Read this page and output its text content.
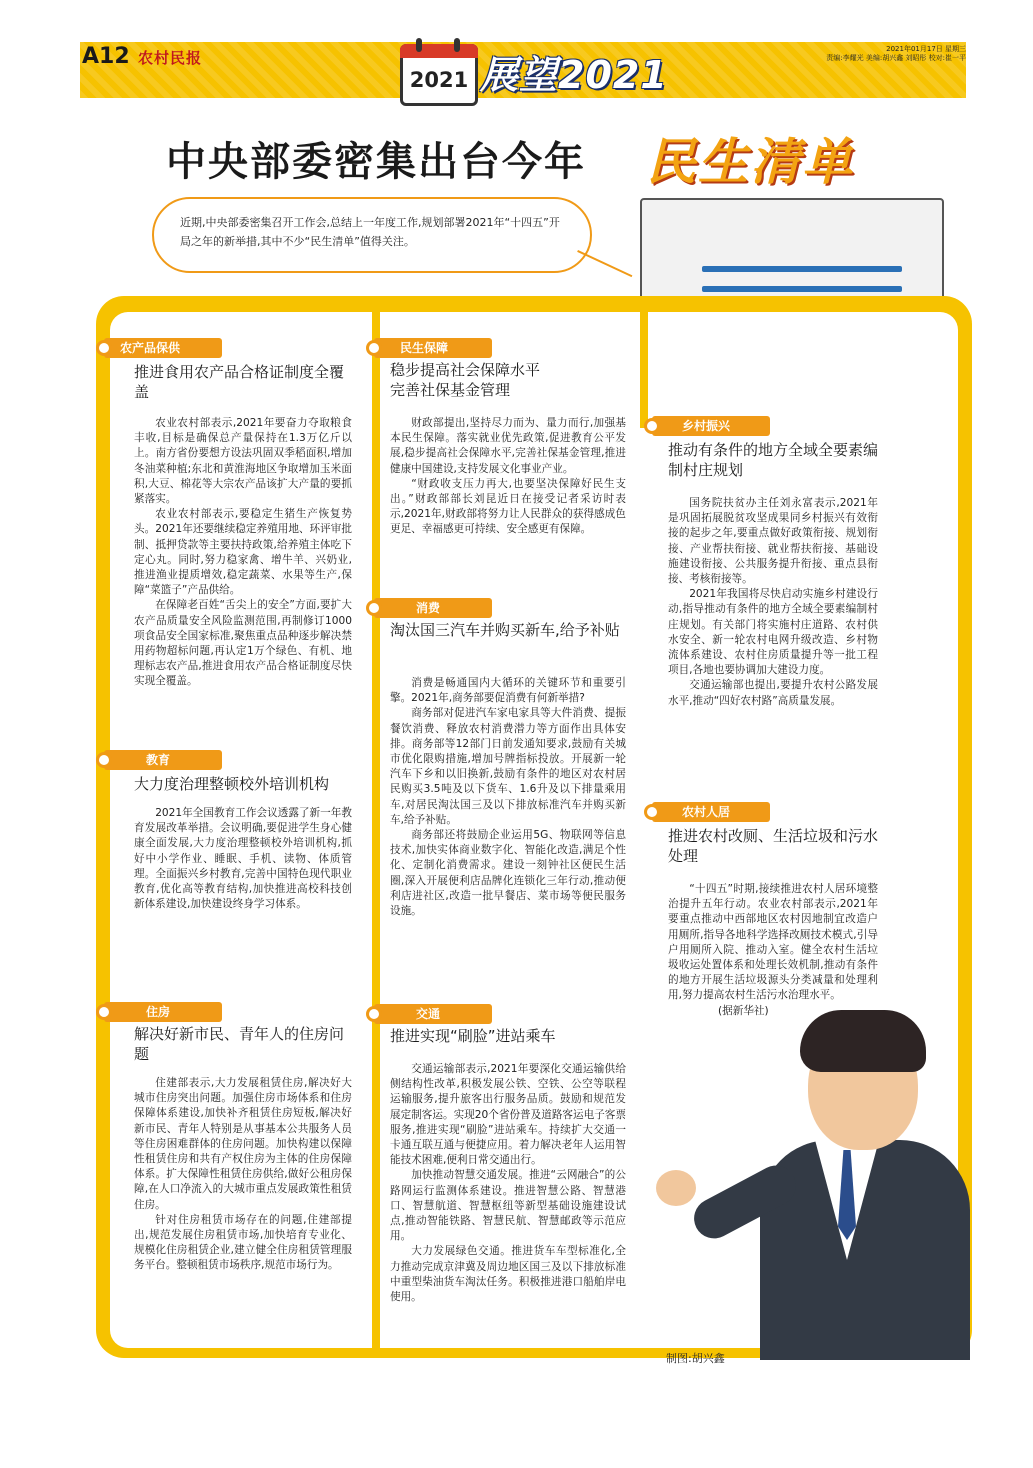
A12 农村民报	2021年01月17日 星期三
责编:李耀光 美编:胡兴鑫 刘昭彤 校对:崔一平
2021 展望2021
中央部委密集出台今年 民生清单
近期,中央部委密集召开工作会,总结上一年度工作,规划部署2021年“十四五”开局之年的新举措,其中不少“民生清单”值得关注。
农产品保供
推进食用农产品合格证制度全覆盖

农业农村部表示,2021年要奋力夺取粮食丰收,目标是确保总产量保持在1.3万亿斤以上。南方省份要想方设法巩固双季稻面积,增加冬油菜种植;东北和黄淮海地区争取增加玉米面积,大豆、棉花等大宗农产品该扩大产量的要抓紧落实。

农业农村部表示,要稳定生猪生产恢复势头。2021年还要继续稳定养殖用地、环评审批制、抵押贷款等主要扶持政策,给养殖主体吃下定心丸。同时,努力稳家禽、增牛羊、兴奶业,推进渔业提质增效,稳定蔬菜、水果等生产,保障“菜篮子”产品供给。

在保障老百姓“舌尖上的安全”方面,要扩大农产品质量安全风险监测范围,再制修订1000项食品安全国家标准,聚焦重点品种逐步解决禁用药物超标问题,再认定1万个绿色、有机、地理标志农产品,推进食用农产品合格证制度尽快实现全覆盖。

教育
大力度治理整顿校外培训机构

2021年全国教育工作会议透露了新一年教育发展改革举措。会议明确,要促进学生身心健康全面发展,大力度治理整顿校外培训机构,抓好中小学作业、睡眠、手机、读物、体质管理。全面振兴乡村教育,完善中国特色现代职业教育,优化高等教育结构,加快推进高校科技创新体系建设,加快建设终身学习体系。

住房
解决好新市民、青年人的住房问题

住建部表示,大力发展租赁住房,解决好大城市住房突出问题。加强住房市场体系和住房保障体系建设,加快补齐租赁住房短板,解决好新市民、青年人特别是从事基本公共服务人员等住房困难群体的住房问题。加快构建以保障性租赁住房和共有产权住房为主体的住房保障体系。扩大保障性租赁住房供给,做好公租房保障,在人口净流入的大城市重点发展政策性租赁住房。

针对住房租赁市场存在的问题,住建部提出,规范发展住房租赁市场,加快培育专业化、规模化住房租赁企业,建立健全住房租赁管理服务平台。整顿租赁市场秩序,规范市场行为。

民生保障
稳步提高社会保障水平
完善社保基金管理

财政部提出,坚持尽力而为、量力而行,加强基本民生保障。落实就业优先政策,促进教育公平发展,稳步提高社会保障水平,完善社保基金管理,推进健康中国建设,支持发展文化事业产业。

“财政收支压力再大,也要坚决保障好民生支出。”财政部部长刘昆近日在接受记者采访时表示,2021年,财政部将努力让人民群众的获得感成色更足、幸福感更可持续、安全感更有保障。

消费
淘汰国三汽车并购买新车,给予补贴

消费是畅通国内大循环的关键环节和重要引擎。2021年,商务部要促消费有何新举措?

商务部对促进汽车家电家具等大件消费、提振餐饮消费、释放农村消费潜力等方面作出具体安排。商务部等12部门日前发通知要求,鼓励有关城市优化限购措施,增加号牌指标投放。开展新一轮汽车下乡和以旧换新,鼓励有条件的地区对农村居民购买3.5吨及以下货车、1.6升及以下排量乘用车,对居民淘汰国三及以下排放标准汽车并购买新车,给予补贴。

商务部还将鼓励企业运用5G、物联网等信息技术,加快实体商业数字化、智能化改造,满足个性化、定制化消费需求。建设一刻钟社区便民生活圈,深入开展便利店品牌化连锁化三年行动,推动便利店进社区,改造一批早餐店、菜市场等便民服务设施。

交通
推进实现“刷脸”进站乘车

交通运输部表示,2021年要深化交通运输供给侧结构性改革,积极发展公铁、空铁、公空等联程运输服务,提升旅客出行服务品质。鼓励和规范发展定制客运。实现20个省份普及道路客运电子客票服务,推进实现“刷脸”进站乘车。持续扩大交通一卡通互联互通与便捷应用。着力解决老年人运用智能技术困难,便利日常交通出行。

加快推动智慧交通发展。推进“云网融合”的公路网运行监测体系建设。推进智慧公路、智慧港口、智慧航道、智慧枢纽等新型基础设施建设试点,推动智能铁路、智慧民航、智慧邮政等示范应用。

大力发展绿色交通。推进货车车型标准化,全力推动完成京津冀及周边地区国三及以下排放标准中重型柴油货车淘汰任务。积极推进港口船舶岸电使用。

乡村振兴
推动有条件的地方全域全要素编制村庄规划

国务院扶贫办主任刘永富表示,2021年是巩固拓展脱贫攻坚成果同乡村振兴有效衔接的起步之年,要重点做好政策衔接、规划衔接、产业帮扶衔接、就业帮扶衔接、基础设施建设衔接、公共服务提升衔接、重点县衔接、考核衔接等。

2021年我国将尽快启动实施乡村建设行动,指导推动有条件的地方全域全要素编制村庄规划。有关部门将实施村庄道路、农村供水安全、新一轮农村电网升级改造、乡村物流体系建设、农村住房质量提升等一批工程项目,各地也要协调加大建设力度。

交通运输部也提出,要提升农村公路发展水平,推动“四好农村路”高质量发展。

农村人居
推进农村改厕、生活垃圾和污水处理

“十四五”时期,接续推进农村人居环境整治提升五年行动。农业农村部表示,2021年要重点推动中西部地区农村因地制宜改造户用厕所,指导各地科学选择改厕技术模式,引导户用厕所入院、推动入室。健全农村生活垃圾收运处置体系和处理长效机制,推动有条件的地方开展生活垃圾源头分类减量和处理利用,努力提高农村生活污水治理水平。

(据新华社)

制图:胡兴鑫
